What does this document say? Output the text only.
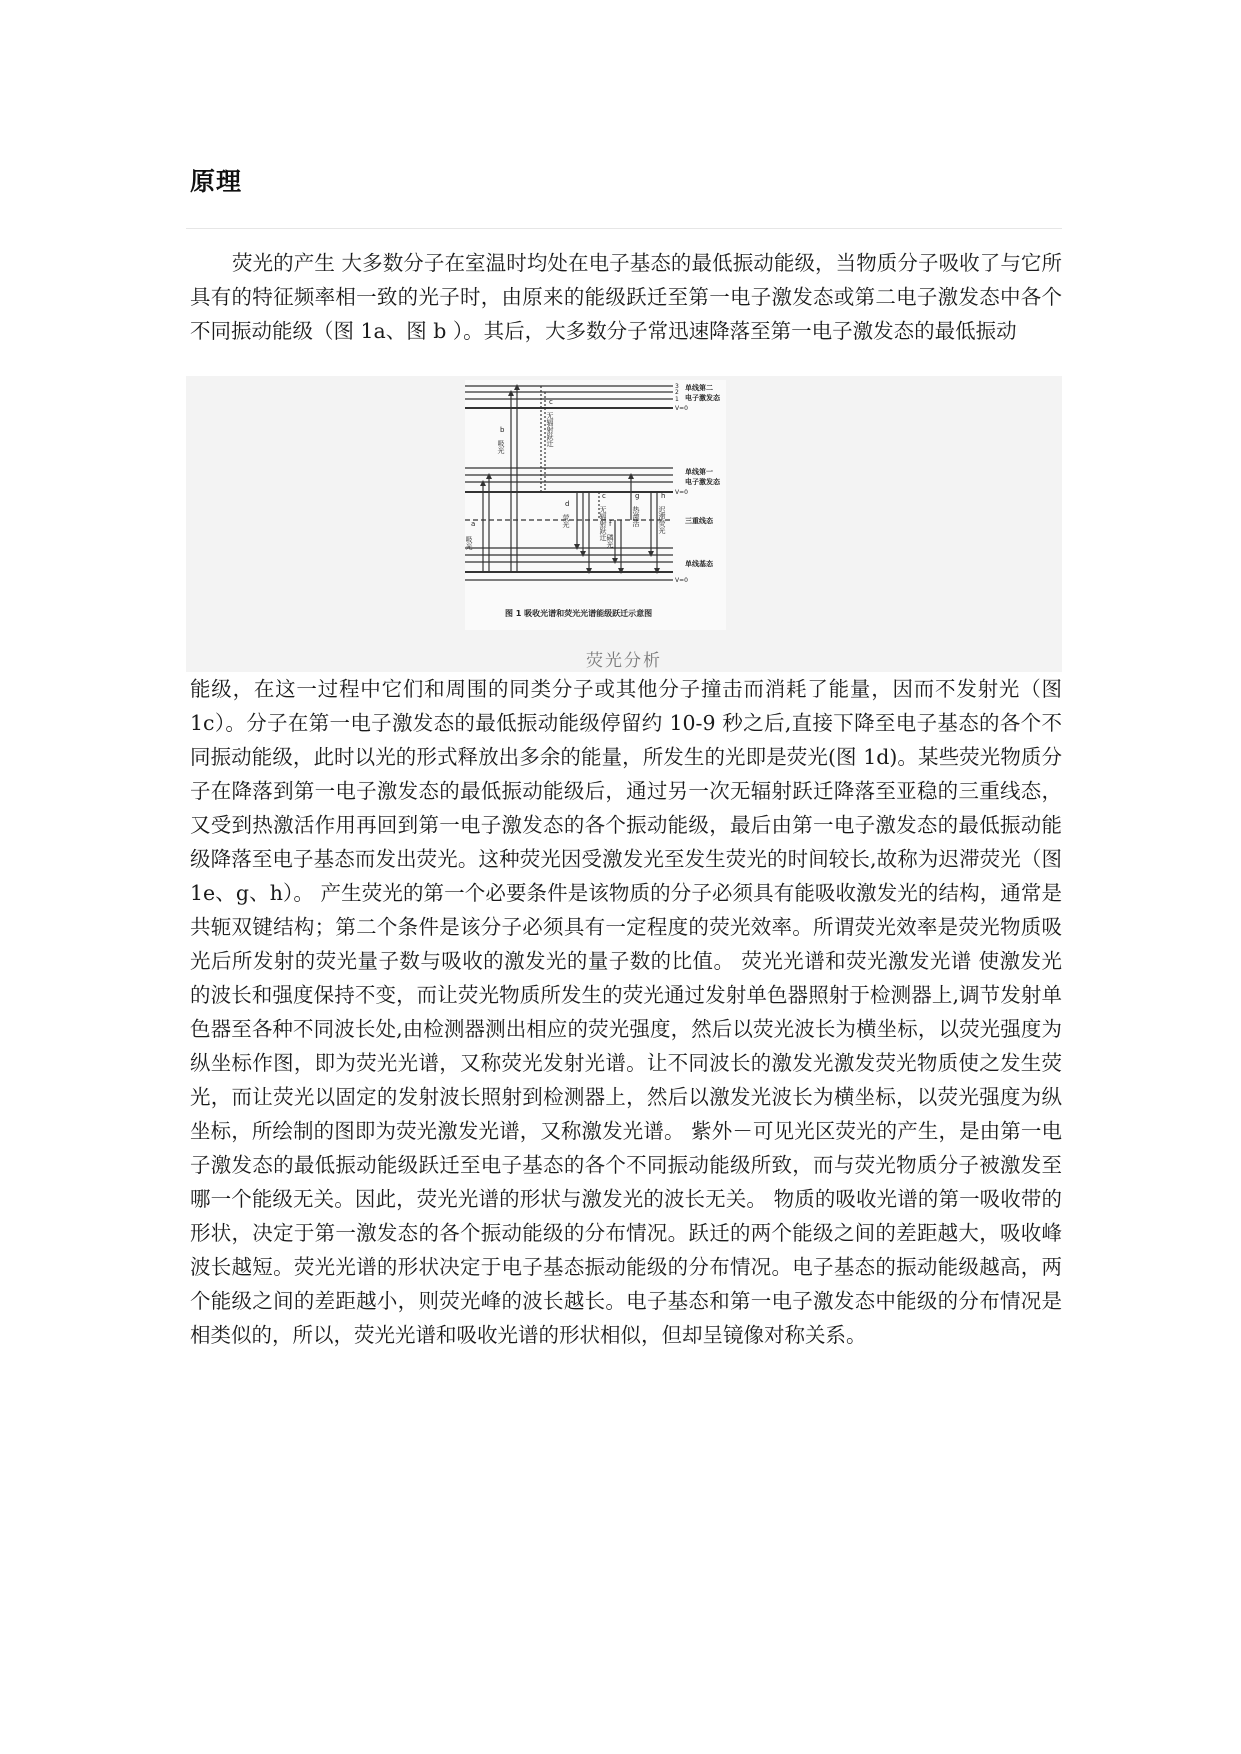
原理

荧光的产生 大多数分子在室温时均处在电子基态的最低振动能级，当物质分子吸收了与它所具有的特征频率相一致的光子时，由原来的能级跃迁至第一电子激发态或第二电子激发态中各个不同振动能级（图 1a、图 b ）。其后，大多数分子常迅速降落至第一电子激发态的最低振动

3
2
1
V=0
V=0
V=0
单线第二
电子激发态
单线第一
电子激发态
三重线态
单线基态
a
吸光
b
吸光
c
无辐射跃迁
d
荧光
c
无辐射跃迁 f
磷光
g
热激活
h
迟滞荧光
图 1 吸收光谱和荧光光谱能级跃迁示意图
荧光分析

能级，在这一过程中它们和周围的同类分子或其他分子撞击而消耗了能量，因而不发射光（图 1c）。分子在第一电子激发态的最低振动能级停留约 10-9 秒之后,直接下降至电子基态的各个不同振动能级，此时以光的形式释放出多余的能量，所发生的光即是荧光(图 1d)。某些荧光物质分子在降落到第一电子激发态的最低振动能级后，通过另一次无辐射跃迁降落至亚稳的三重线态，又受到热激活作用再回到第一电子激发态的各个振动能级，最后由第一电子激发态的最低振动能级降落至电子基态而发出荧光。这种荧光因受激发光至发生荧光的时间较长,故称为迟滞荧光（图 1e、g、h）。 产生荧光的第一个必要条件是该物质的分子必须具有能吸收激发光的结构，通常是共轭双键结构；第二个条件是该分子必须具有一定程度的荧光效率。所谓荧光效率是荧光物质吸光后所发射的荧光量子数与吸收的激发光的量子数的比值。 荧光光谱和荧光激发光谱 使激发光的波长和强度保持不变，而让荧光物质所发生的荧光通过发射单色器照射于检测器上,调节发射单色器至各种不同波长处,由检测器测出相应的荧光强度，然后以荧光波长为横坐标，以荧光强度为纵坐标作图，即为荧光光谱，又称荧光发射光谱。让不同波长的激发光激发荧光物质使之发生荧光，而让荧光以固定的发射波长照射到检测器上，然后以激发光波长为横坐标，以荧光强度为纵坐标，所绘制的图即为荧光激发光谱，又称激发光谱。 紫外－可见光区荧光的产生，是由第一电子激发态的最低振动能级跃迁至电子基态的各个不同振动能级所致，而与荧光物质分子被激发至哪一个能级无关。因此，荧光光谱的形状与激发光的波长无关。 物质的吸收光谱的第一吸收带的形状，决定于第一激发态的各个振动能级的分布情况。跃迁的两个能级之间的差距越大，吸收峰波长越短。荧光光谱的形状决定于电子基态振动能级的分布情况。电子基态的振动能级越高，两个能级之间的差距越小，则荧光峰的波长越长。电子基态和第一电子激发态中能级的分布情况是相类似的，所以，荧光光谱和吸收光谱的形状相似，但却呈镜像对称关系。
